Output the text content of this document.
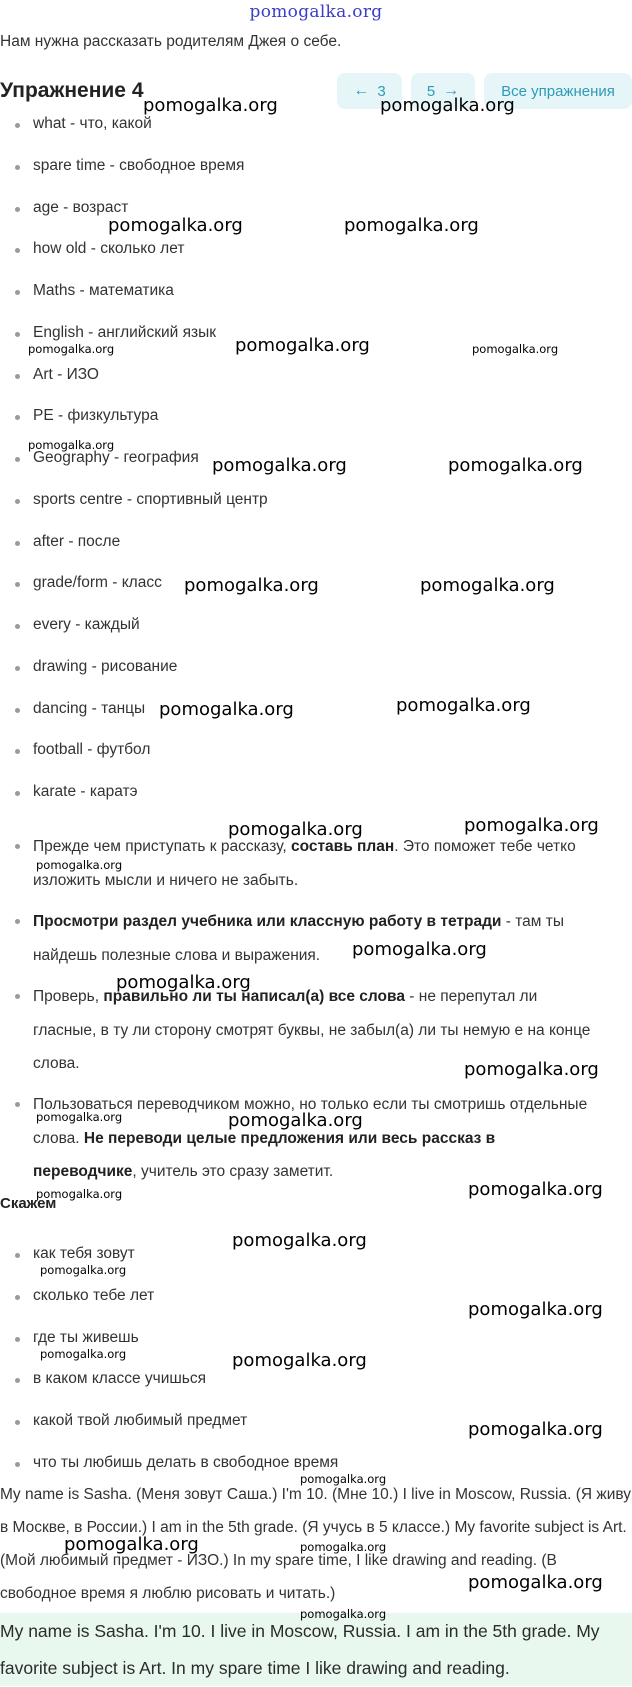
pomogalka.org
Нам нужна рассказать родителям Джея о себе.
Упражнение 4	← 3	5 →	Все упражнения
what - что, какой
spare time - свободное время
age - возраст
how old - сколько лет
Maths - математика
English - английский язык
Art - ИЗО
PE - физкультура
Geography - география
sports centre - спортивный центр
after - после
grade/form - класс
every - каждый
drawing - рисование
dancing - танцы
football - футбол
karate - каратэ
Прежде чем приступать к рассказу, составь план. Это поможет тебе четко изложить мысли и ничего не забыть.
Просмотри раздел учебника или классную работу в тетради - там ты найдешь полезные слова и выражения.
Проверь, правильно ли ты написал(а) все слова - не перепутал ли гласные, в ту ли сторону смотрят буквы, не забыл(а) ли ты немую e на конце слова.
Пользоваться переводчиком можно, но только если ты смотришь отдельные слова. Не переводи целые предложения или весь рассказ в переводчике, учитель это сразу заметит.
Скажем
как тебя зовут
сколько тебе лет
где ты живешь
в каком классе учишься
какой твой любимый предмет
что ты любишь делать в свободное время
My name is Sasha. (Меня зовут Саша.) I'm 10. (Мне 10.) I live in Moscow, Russia. (Я живу в Москве, в России.) I am in the 5th grade. (Я учусь в 5 классе.) My favorite subject is Art. (Мой любимый предмет - ИЗО.) In my spare time, I like drawing and reading. (В свободное время я люблю рисовать и читать.)
My name is Sasha. I'm 10. I live in Moscow, Russia. I am in the 5th grade. My favorite subject is Art. In my spare time I like drawing and reading.
pomogalka.org	pomogalka.org
pomogalka.org	pomogalka.org
pomogalka.org	pomogalka.org	pomogalka.org
pomogalka.org
pomogalka.org	pomogalka.org
pomogalka.org	pomogalka.org
pomogalka.org	pomogalka.org
pomogalka.org	pomogalka.org
pomogalka.org
pomogalka.org
pomogalka.org
pomogalka.org
pomogalka.org	pomogalka.org
pomogalka.org	pomogalka.org
pomogalka.org
pomogalka.org
pomogalka.org
pomogalka.org	pomogalka.org
pomogalka.org
pomogalka.org
pomogalka.org	pomogalka.org
pomogalka.org
pomogalka.org
